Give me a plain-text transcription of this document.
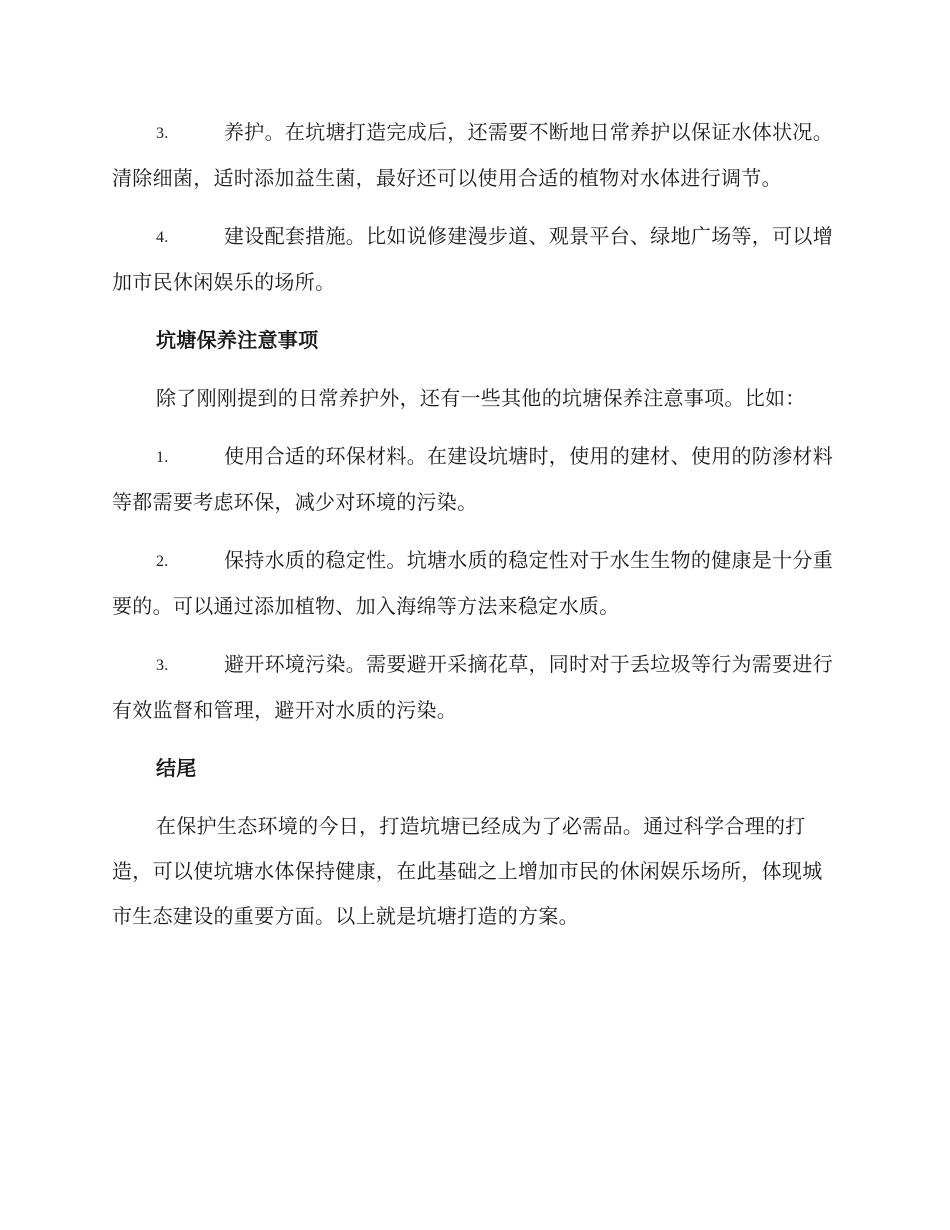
3.	养护。在坑塘打造完成后，还需要不断地日常养护以保证水体状况。清除细菌，适时添加益生菌，最好还可以使用合适的植物对水体进行调节。

4.	建设配套措施。比如说修建漫步道、观景平台、绿地广场等，可以增加市民休闲娱乐的场所。

坑塘保养注意事项

除了刚刚提到的日常养护外，还有一些其他的坑塘保养注意事项。比如：

1.	使用合适的环保材料。在建设坑塘时，使用的建材、使用的防渗材料等都需要考虑环保，减少对环境的污染。

2.	保持水质的稳定性。坑塘水质的稳定性对于水生生物的健康是十分重要的。可以通过添加植物、加入海绵等方法来稳定水质。

3.	避开环境污染。需要避开采摘花草，同时对于丢垃圾等行为需要进行有效监督和管理，避开对水质的污染。

结尾

在保护生态环境的今日，打造坑塘已经成为了必需品。通过科学合理的打造，可以使坑塘水体保持健康，在此基础之上增加市民的休闲娱乐场所，体现城市生态建设的重要方面。以上就是坑塘打造的方案。
